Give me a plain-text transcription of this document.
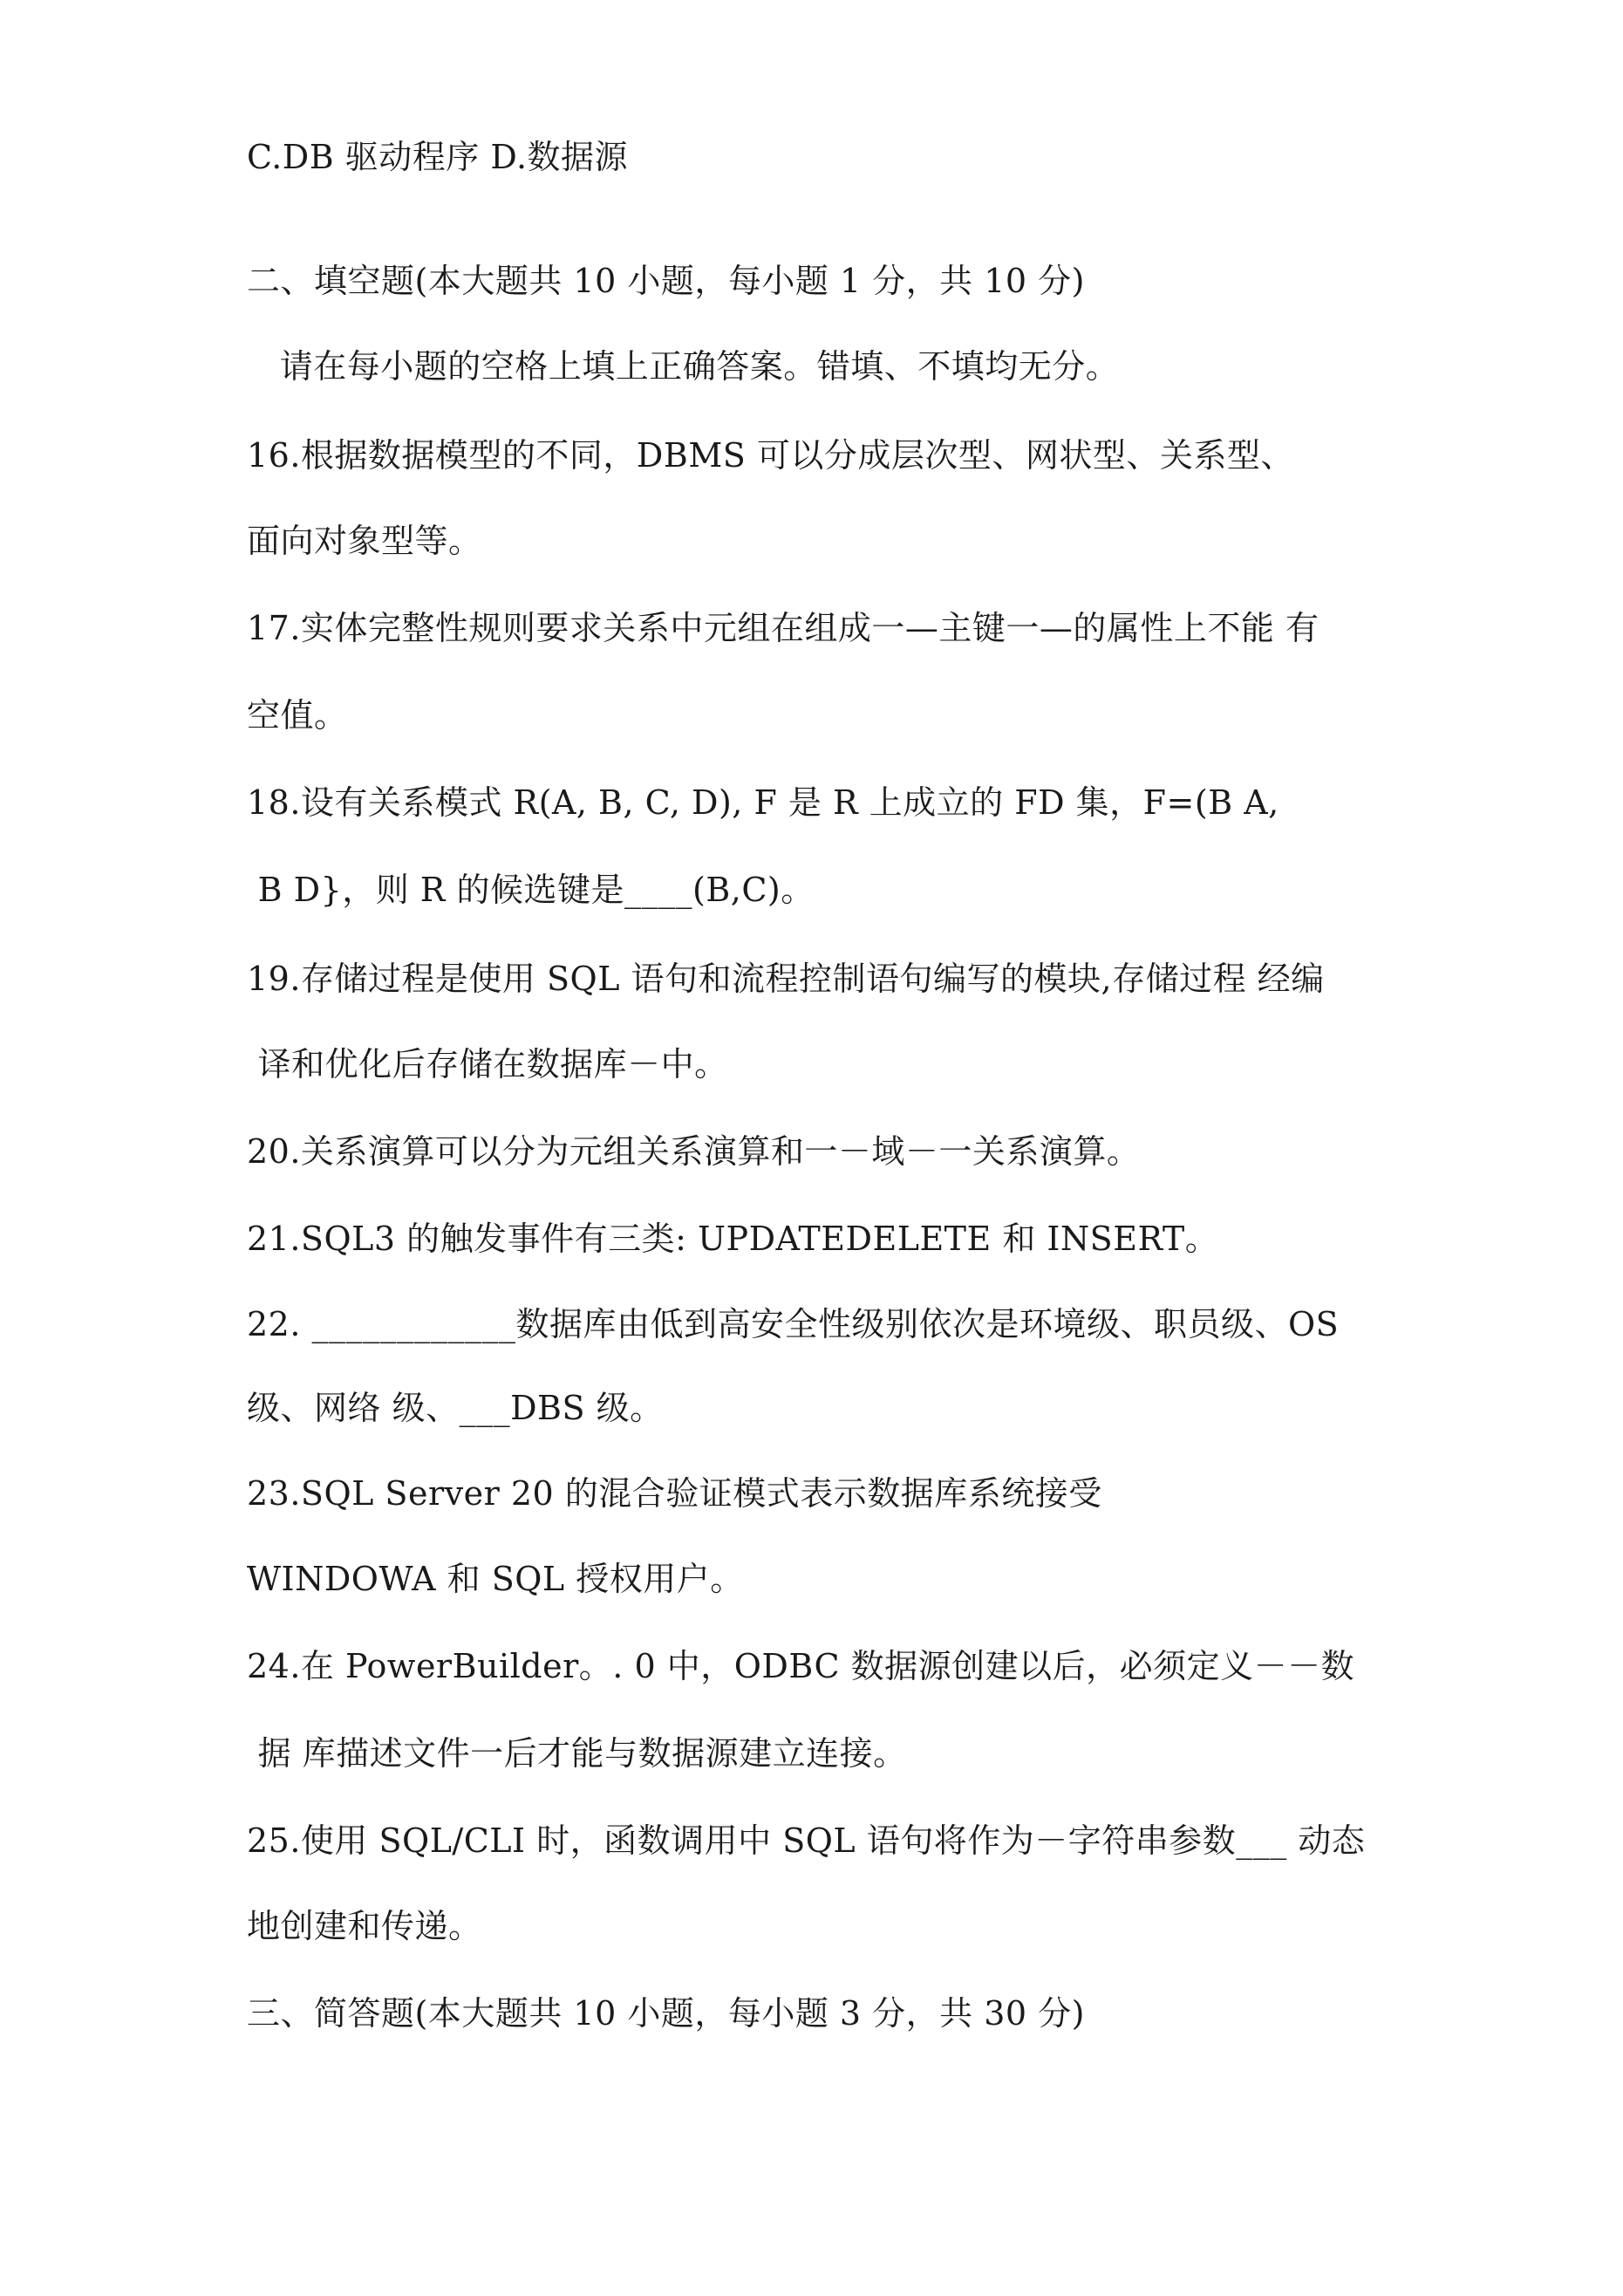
C.DB 驱动程序 D.数据源
二、填空题(本大题共 10 小题，每小题 1 分，共 10 分)
请在每小题的空格上填上正确答案。错填、不填均无分。
16.根据数据模型的不同，DBMS 可以分成层次型、网状型、关系型、
面向对象型等。
17.实体完整性规则要求关系中元组在组成一—主键一—的属性上不能 有
空值。
18.设有关系模式 R(A, B, C, D), F 是 R 上成立的 FD 集，F=(B A,
B D}，则 R 的候选键是____(B,C)。
19.存储过程是使用 SQL 语句和流程控制语句编写的模块,存储过程 经编
译和优化后存储在数据库－中。
20.关系演算可以分为元组关系演算和一－域－一关系演算。
21.SQL3 的触发事件有三类: UPDATEDELETE 和 INSERT。
22. ____________数据库由低到高安全性级别依次是环境级、职员级、OS
级、网络 级、___DBS 级。
23.SQL Server 20 的混合验证模式表示数据库系统接受
WINDOWA 和 SQL 授权用户。
24.在 PowerBuilder。. 0 中，ODBC 数据源创建以后，必须定义－－数
据 库描述文件一后才能与数据源建立连接。
25.使用 SQL/CLI 时，函数调用中 SQL 语句将作为－字符串参数___ 动态
地创建和传递。
三、简答题(本大题共 10 小题，每小题 3 分，共 30 分)
